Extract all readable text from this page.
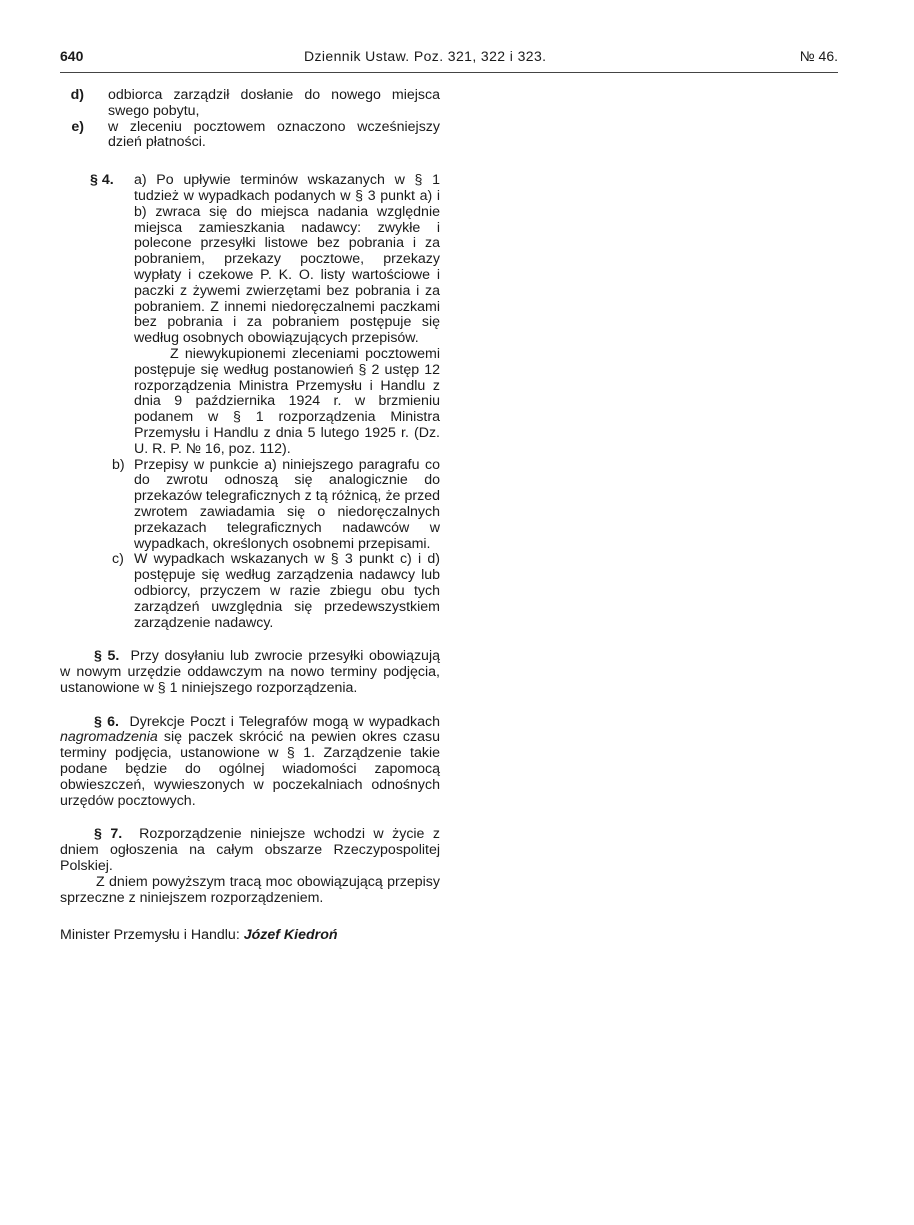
640	Dziennik Ustaw. Poz. 321, 322 i 323.	№ 46.
d)	odbiorca zarządził dosłanie do nowego miejsca swego pobytu,

e)	w zleceniu pocztowem oznaczono wcześniejszy dzień płatności.

§ 4. a) Po upływie terminów wskazanych w § 1 tudzież w wypadkach podanych w § 3 punkt a) i b) zwraca się do miejsca nadania względnie miejsca zamieszkania nadawcy: zwykłe i polecone przesyłki listowe bez pobrania i za pobraniem, przekazy pocztowe, przekazy wypłaty i czekowe P. K. O. listy wartościowe i paczki z żywemi zwierzętami bez pobrania i za pobraniem. Z innemi niedoręczalnemi paczkami bez pobrania i za pobraniem postępuje się według osobnych obowiązujących przepisów.

Z niewykupionemi zleceniami pocztowemi postępuje się według postanowień § 2 ustęp 12 rozporządzenia Ministra Przemysłu i Handlu z dnia 9 października 1924 r. w brzmieniu podanem w § 1 rozporządzenia Ministra Przemysłu i Handlu z dnia 5 lutego 1925 r. (Dz. U. R. P. № 16, poz. 112).

b) Przepisy w punkcie a) niniejszego paragrafu co do zwrotu odnoszą się analogicznie do przekazów telegraficznych z tą różnicą, że przed zwrotem zawiadamia się o niedoręczalnych przekazach telegraficznych nadawców w wypadkach, określonych osobnemi przepisami.

c) W wypadkach wskazanych w § 3 punkt c) i d) postępuje się według zarządzenia nadawcy lub odbiorcy, przyczem w razie zbiegu obu tych zarządzeń uwzględnia się przedewszystkiem zarządzenie nadawcy.

§ 5. Przy dosyłaniu lub zwrocie przesyłki obowiązują w nowym urzędzie oddawczym na nowo terminy podjęcia, ustanowione w § 1 niniejszego rozporządzenia.

§ 6. Dyrekcje Poczt i Telegrafów mogą w wypadkach nagromadzenia się paczek skrócić na pewien okres czasu terminy podjęcia, ustanowione w § 1. Zarządzenie takie podane będzie do ogólnej wiadomości zapomocą obwieszczeń, wywieszonych w poczekalniach odnośnych urzędów pocztowych.

§ 7. Rozporządzenie niniejsze wchodzi w życie z dniem ogłoszenia na całym obszarze Rzeczypospolitej Polskiej.

Z dniem powyższym tracą moc obowiązującą przepisy sprzeczne z niniejszem rozporządzeniem.

Minister Przemysłu i Handlu: Józef Kiedroń
